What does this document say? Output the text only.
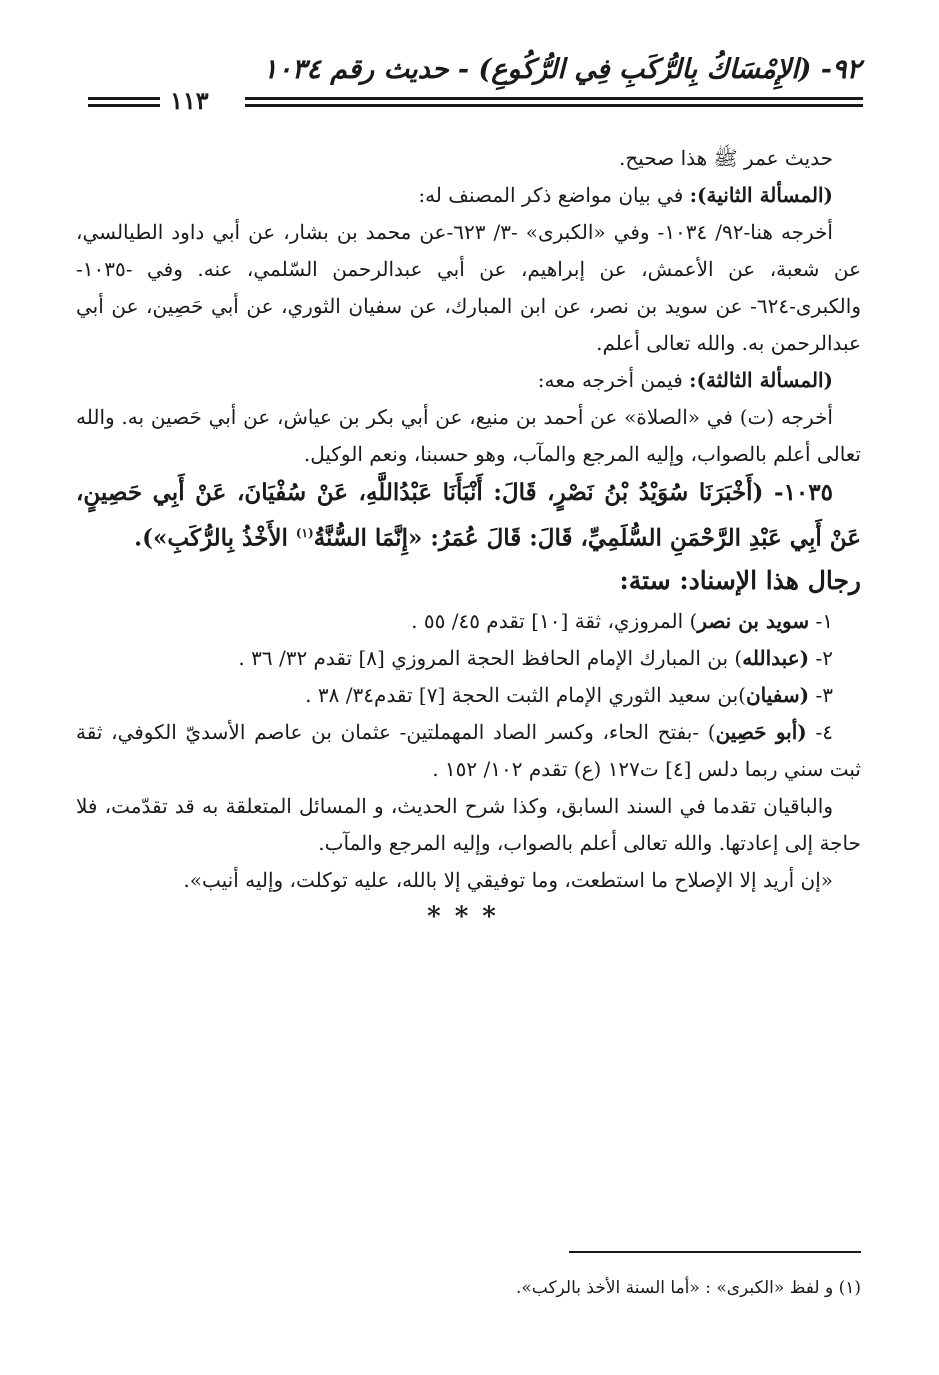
٩٢- (الإِمْسَاكُ بِالرُّكَبِ فِي الرُّكُوعِ) - حديث رقم ١٠٣٤
١١٣

حديث عمر ﷺ هذا صحيح.

(المسألة الثانية): في بيان مواضع ذكر المصنف له:

أخرجه هنا-٩٢/ ١٠٣٤- وفي «الكبرى» -٣/ ٦٢٣-عن محمد بن بشار، عن أبي داود الطيالسي، عن شعبة، عن الأعمش، عن إبراهيم، عن أبي عبدالرحمن السّلمي، عنه. وفي -١٠٣٥- والكبرى-٦٢٤- عن سويد بن نصر، عن ابن المبارك، عن سفيان الثوري، عن أبي حَصِين، عن أبي عبدالرحمن به. والله تعالى أعلم.

(المسألة الثالثة): فيمن أخرجه معه:

أخرجه (ت) في «الصلاة» عن أحمد بن منيع، عن أبي بكر بن عياش، عن أبي حَصين به. والله تعالى أعلم بالصواب، وإليه المرجع والمآب، وهو حسبنا، ونعم الوكيل.

١٠٣٥- (أَخْبَرَنَا سُوَيْدُ بْنُ نَصْرٍ، قَالَ: أَنْبَأَنَا عَبْدُاللَّهِ، عَنْ سُفْيَانَ، عَنْ أَبِي حَصِينٍ، عَنْ أَبِي عَبْدِ الرَّحْمَنِ السُّلَمِيِّ، قَالَ: قَالَ عُمَرُ: «إِنَّمَا السُّنَّةُ$^{(١)}$ الأَخْذُ بِالرُّكَبِ»).

رجال هذا الإسناد: ستة:

١- سويد بن نصر) المروزي، ثقة [١٠] تقدم ٤٥/ ٥٥ .

٢- (عبدالله) بن المبارك الإمام الحافظ الحجة المروزي [٨] تقدم ٣٢/ ٣٦ .

٣- (سفيان)بن سعيد الثوري الإمام الثبت الحجة [٧] تقدم٣٤/ ٣٨ .

٤- (أبو حَصِين) -بفتح الحاء، وكسر الصاد المهملتين- عثمان بن عاصم الأسديّ الكوفي، ثقة ثبت سني ربما دلس [٤] ت١٢٧ (ع) تقدم ١٠٢/ ١٥٢ .

والباقيان تقدما في السند السابق، وكذا شرح الحديث، و المسائل المتعلقة به قد تقدّمت، فلا حاجة إلى إعادتها. والله تعالى أعلم بالصواب، وإليه المرجع والمآب.

«إن أريد إلا الإصلاح ما استطعت، وما توفيقي إلا بالله، عليه توكلت، وإليه أنيب».

***

(١) و لفظ «الكبرى» : «أما السنة الأخذ بالركب».
